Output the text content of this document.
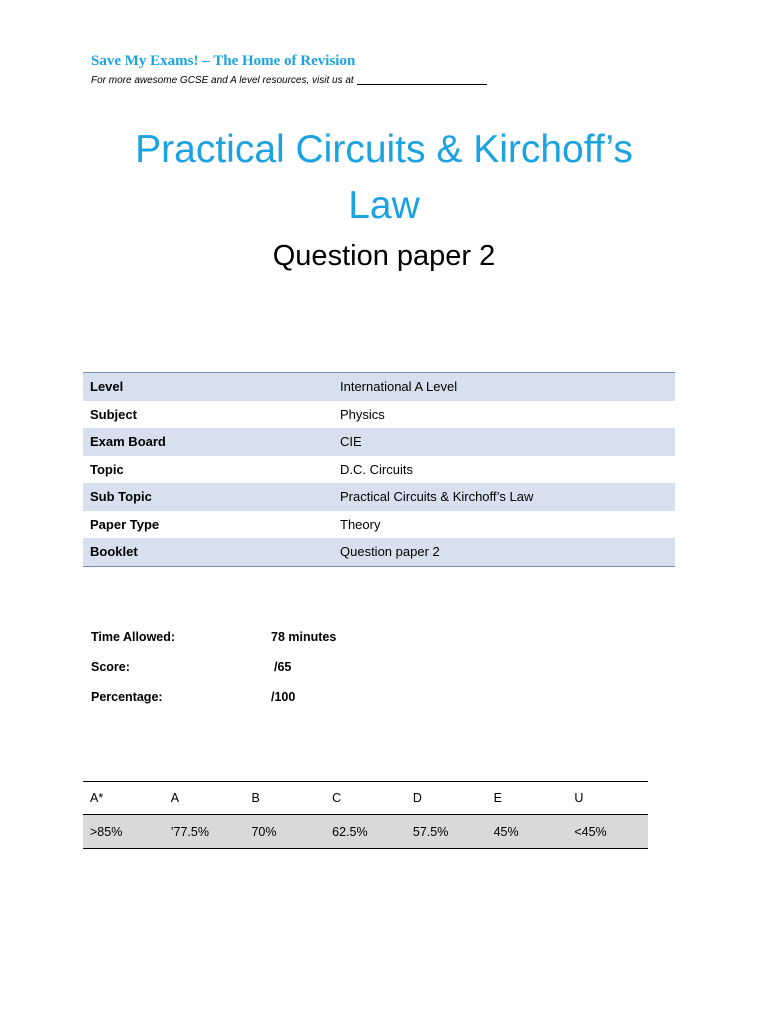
Save My Exams! – The Home of Revision
For more awesome GCSE and A level resources, visit us at
Practical Circuits & Kirchoff’s
Law
Question paper 2
Level	International A Level
Subject	Physics
Exam Board	CIE
Topic	D.C. Circuits
Sub Topic	Practical Circuits & Kirchoff’s Law
Paper Type	Theory
Booklet	Question paper 2
Time Allowed:	78 minutes
Score:	/65
Percentage:	/100
A*	A	B	C	D	E	U
>85%	’77.5%	70%	62.5%	57.5%	45%	<45%
